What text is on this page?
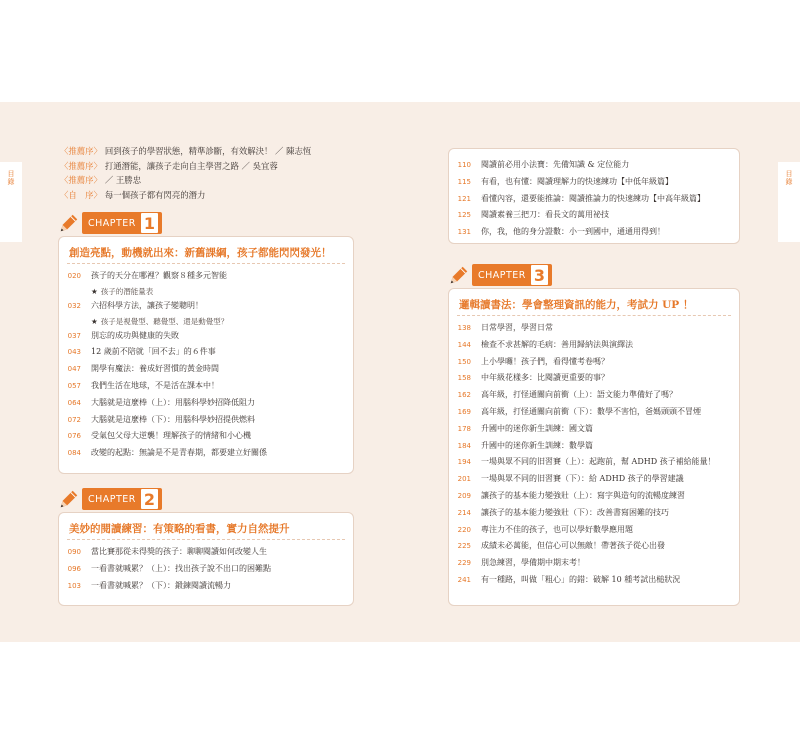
目錄	目錄
〈推薦序〉 回到孩子的學習狀態，精準診斷，有效解決！ ／ 陳志恆
〈推薦序〉 打通潛能，讓孩子走向自主學習之路 ／ 吳宜蓉
〈推薦序〉 ／ 王勝忠
〈自　序〉 每一個孩子都有閃亮的潛力
CHAPTER 1
創造亮點，動機就出來：新舊課綱，孩子都能閃閃發光！
020	孩子的天分在哪裡？觀察８種多元智能
★ 孩子的潛能量表
032	六招科學方法，讓孩子變聰明！
★ 孩子是視覺型、聽覺型、還是動覺型？
037	別忘的成功與健康的失敗
043	12 歲前不陪就「回不去」的６件事
047	開學有魔法：養成好習慣的黃金時間
057	我們生活在地球，不是活在課本中！
064	大腦就是這麼棒（上）：用腦科學妙招降低阻力
072	大腦就是這麼棒（下）：用腦科學妙招提供燃料
076	受氣包父母大逆襲！理解孩子的情緒和小心機
084	改變的起點：無論是不是青春期，都要建立好關係
CHAPTER 2
美妙的閱讀練習：有策略的看書，實力自然提升
090	當比賽那從未得獎的孩子：聊聊閱讀如何改變人生
096	一看書就喊累？（上）：找出孩子說不出口的困難點
103	一看書就喊累？（下）：鍛鍊閱讀流暢力
110	閱讀前必用小法寶：先備知識 & 定位能力
115	有看，也有懂：閱讀理解力的快速練功【中低年級篇】
121	看懂內容，還要能推論：閱讀推論力的快速練功【中高年級篇】
125	閱讀素養三把刀：看長文的萬用祕技
131	你，我，他的身分證數：小一到國中，通通用得到！
CHAPTER 3
邏輯讀書法：學會整理資訊的能力，考試力 UP ！
138	日常學習，學習日常
144	檢查不求甚解的毛病：善用歸納法與演繹法
150	上小學囉！孩子們，看得懂考卷嗎？
158	中年級花樣多：比閱讀更重要的事？
162	高年級，打怪通關向前衝（上）：語文能力準備好了嗎？
169	高年級，打怪通關向前衝（下）：數學不害怕，爸媽頭頭不冒煙
178	升國中的迷你新生訓練：國文篇
184	升國中的迷你新生訓練：數學篇
194	一場與眾不同的旧習賽（上）：起跑前，幫 ADHD 孩子補給能量！
201	一場與眾不同的旧習賽（下）：給 ADHD 孩子的學習建議
209	讓孩子的基本能力變強壯（上）：寫字與造句的流暢度練習
214	讓孩子的基本能力變強壯（下）：改善書寫困難的技巧
220	專注力不佳的孩子，也可以學好數學應用題
225	成績未必萬能，但信心可以無敵！帶著孩子從心出發
229	別急練習，學備期中期末考！
241	有一種路，叫做「粗心」的錯：破解 10 種考試出槌狀況
